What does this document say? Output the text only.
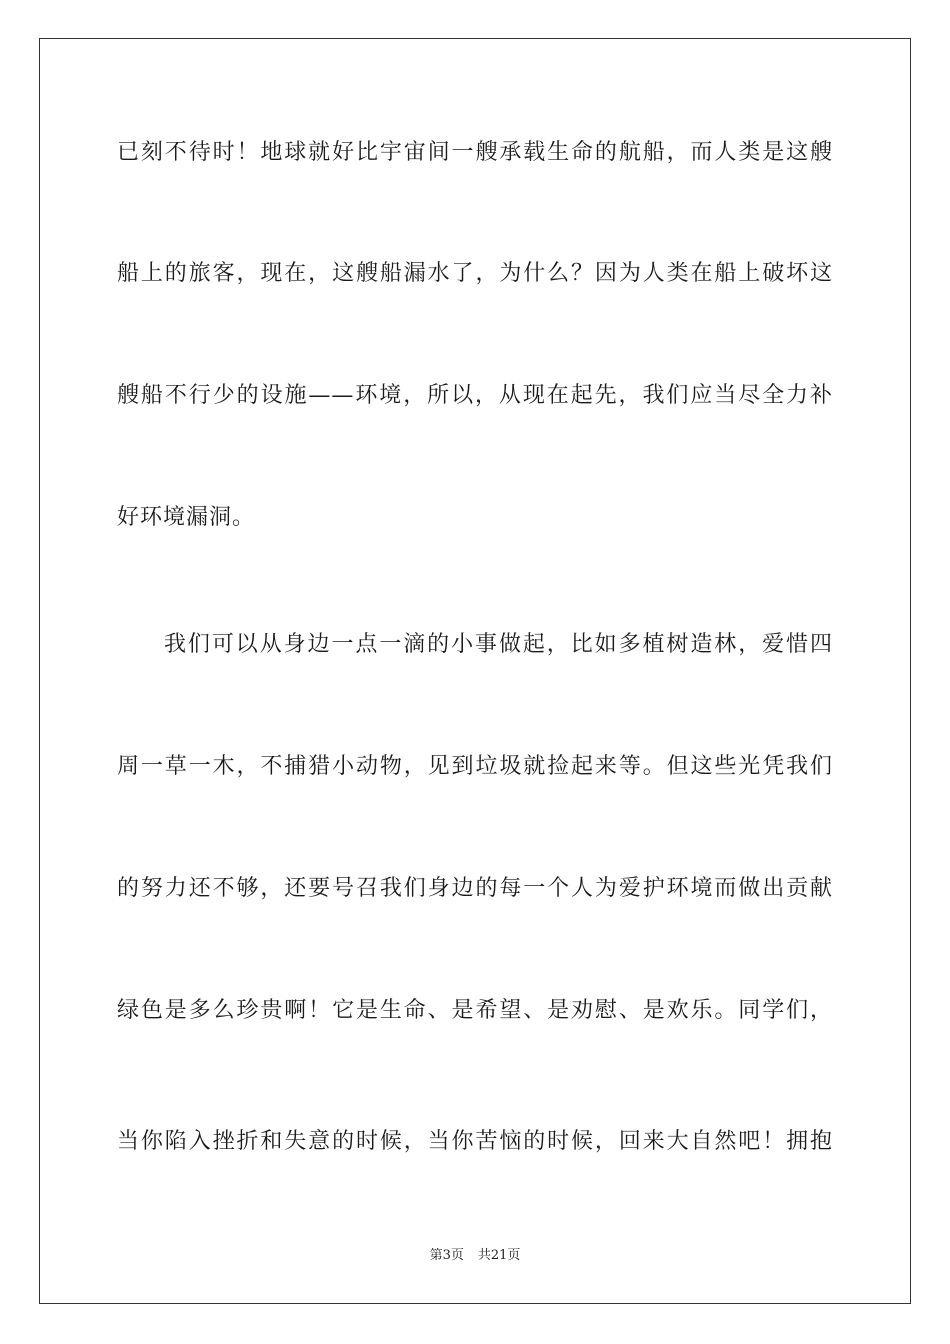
已刻不待时！地球就好比宇宙间一艘承载生命的航船，而人类是这艘
船上的旅客，现在，这艘船漏水了，为什么？因为人类在船上破坏这
艘船不行少的设施——环境，所以，从现在起先，我们应当尽全力补
好环境漏洞。
我们可以从身边一点一滴的小事做起，比如多植树造林，爱惜四
周一草一木，不捕猎小动物，见到垃圾就捡起来等。但这些光凭我们
的努力还不够，还要号召我们身边的每一个人为爱护环境而做出贡献
绿色是多么珍贵啊！它是生命、是希望、是劝慰、是欢乐。同学们，
当你陷入挫折和失意的时候，当你苦恼的时候，回来大自然吧！拥抱
第3页 共21页
